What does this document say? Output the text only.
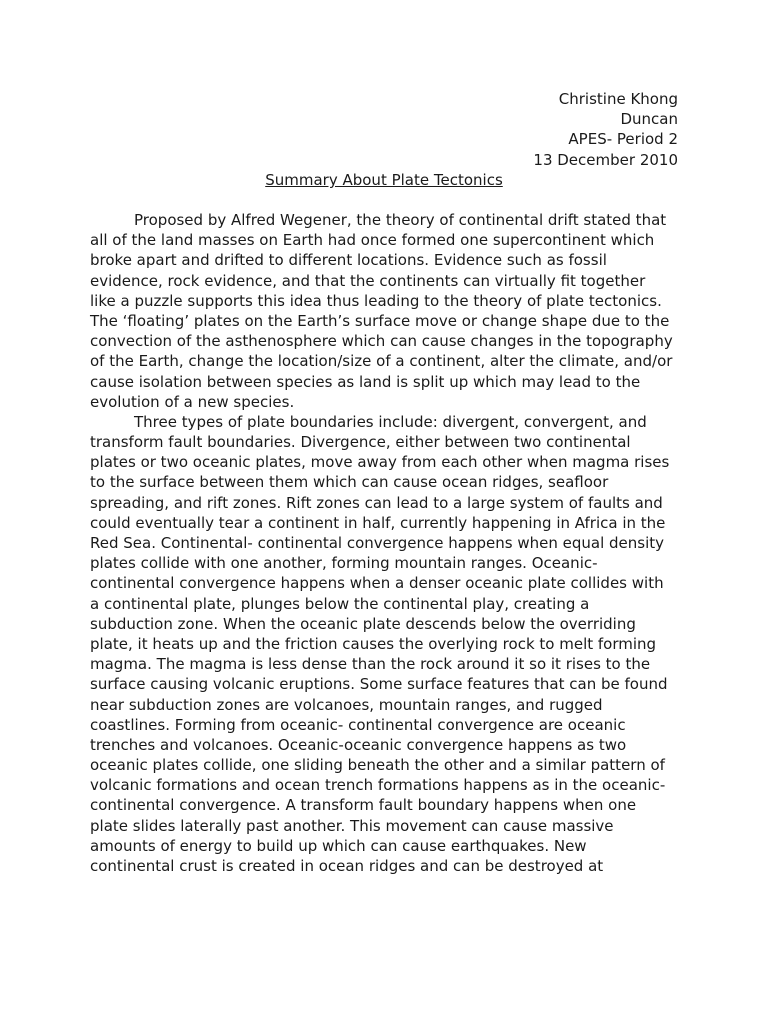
Christine Khong
Duncan
APES- Period 2
13 December 2010
Summary About Plate Tectonics
Proposed by Alfred Wegener, the theory of continental drift stated that
all of the land masses on Earth had once formed one supercontinent which
broke apart and drifted to different locations. Evidence such as fossil
evidence, rock evidence, and that the continents can virtually fit together
like a puzzle supports this idea thus leading to the theory of plate tectonics.
The ‘floating’ plates on the Earth’s surface move or change shape due to the
convection of the asthenosphere which can cause changes in the topography
of the Earth, change the location/size of a continent, alter the climate, and/or
cause isolation between species as land is split up which may lead to the
evolution of a new species.
Three types of plate boundaries include: divergent, convergent, and
transform fault boundaries. Divergence, either between two continental
plates or two oceanic plates, move away from each other when magma rises
to the surface between them which can cause ocean ridges, seafloor
spreading, and rift zones. Rift zones can lead to a large system of faults and
could eventually tear a continent in half, currently happening in Africa in the
Red Sea. Continental- continental convergence happens when equal density
plates collide with one another, forming mountain ranges. Oceanic-
continental convergence happens when a denser oceanic plate collides with
a continental plate, plunges below the continental play, creating a
subduction zone. When the oceanic plate descends below the overriding
plate, it heats up and the friction causes the overlying rock to melt forming
magma. The magma is less dense than the rock around it so it rises to the
surface causing volcanic eruptions. Some surface features that can be found
near subduction zones are volcanoes, mountain ranges, and rugged
coastlines. Forming from oceanic- continental convergence are oceanic
trenches and volcanoes. Oceanic-oceanic convergence happens as two
oceanic plates collide, one sliding beneath the other and a similar pattern of
volcanic formations and ocean trench formations happens as in the oceanic-
continental convergence. A transform fault boundary happens when one
plate slides laterally past another. This movement can cause massive
amounts of energy to build up which can cause earthquakes. New
continental crust is created in ocean ridges and can be destroyed at
